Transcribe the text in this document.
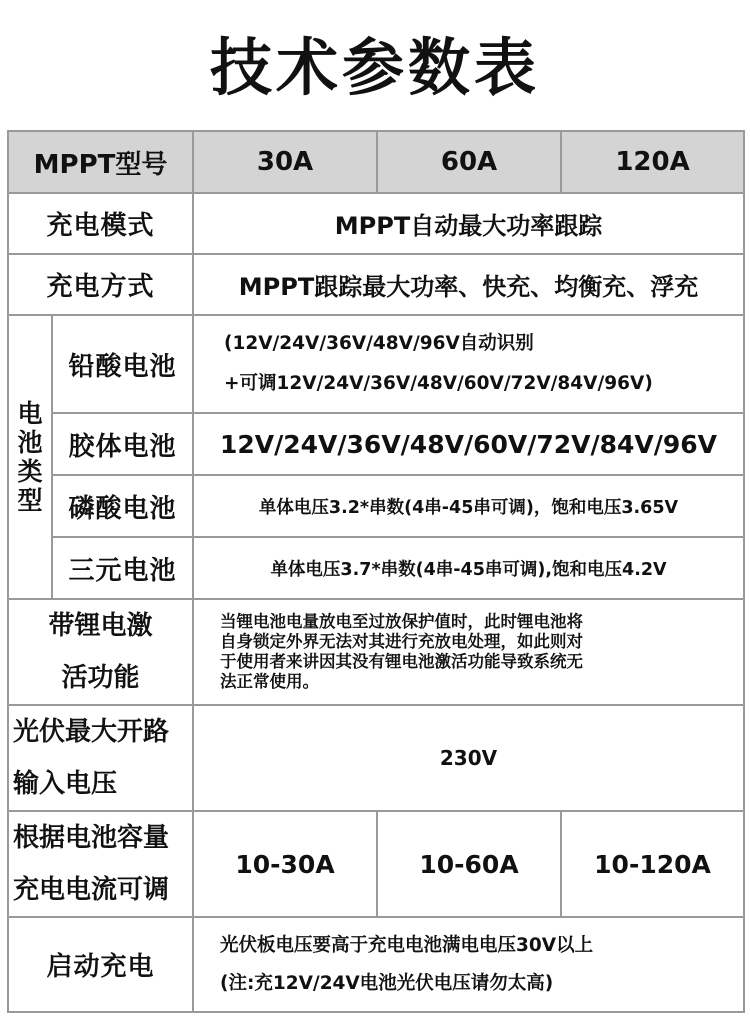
技术参数表
MPPT型号		30A	60A	120A
充电模式		MPPT自动最大功率跟踪		
充电方式		MPPT跟踪最大功率、快充、均衡充、浮充		

电
池
类
型	铅酸电池	(12V/24V/36V/48V/96V自动识别
+可调12V/24V/36V/48V/60V/72V/84V/96V)		

	胶体电池	12V/24V/36V/48V/60V/72V/84V/96V		
	磷酸电池	单体电压3.2*串数(4串-45串可调)，饱和电压3.65V		
	三元电池	单体电压3.7*串数(4串-45串可调),饱和电压4.2V		

带锂电激
活功能		当锂电池电量放电至过放保护值时，此时锂电池将
自身锁定外界无法对其进行充放电处理，如此则对
于使用者来讲因其没有锂电池激活功能导致系统无
法正常使用。		

光伏最大开路
输入电压		230V		

根据电池容量
充电电流可调		10-30A	10-60A	10-120A
启动充电		光伏板电压要高于充电电池满电电压30V以上
(注:充12V/24V电池光伏电压请勿太高)		
